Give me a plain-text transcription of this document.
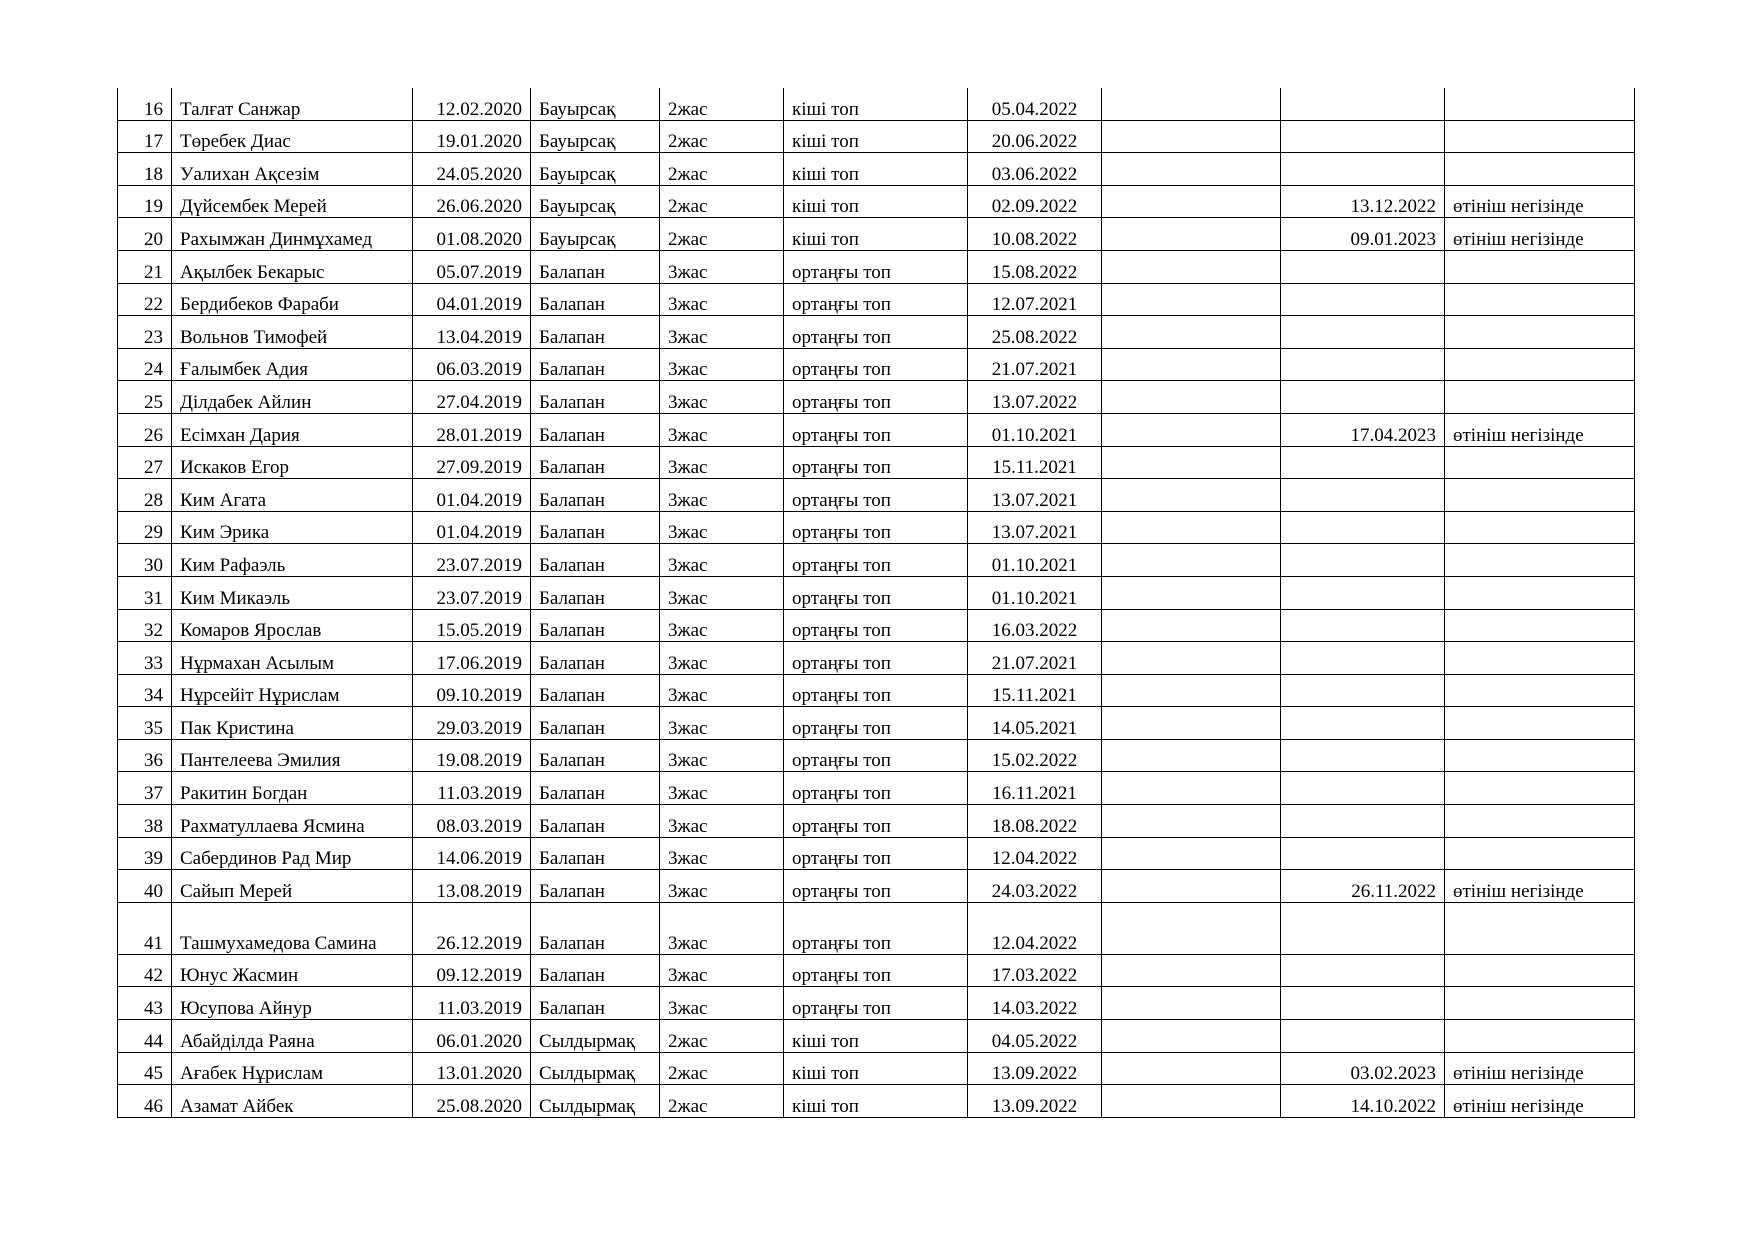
16	Талғат Санжар	12.02.2020	Бауырсақ	2жас	кіші топ	05.04.2022			
17	Төребек Диас	19.01.2020	Бауырсақ	2жас	кіші топ	20.06.2022			
18	Уалихан Ақсезім	24.05.2020	Бауырсақ	2жас	кіші топ	03.06.2022			
19	Дүйсембек Мерей	26.06.2020	Бауырсақ	2жас	кіші топ	02.09.2022		13.12.2022	өтініш негізінде
20	Рахымжан Динмұхамед	01.08.2020	Бауырсақ	2жас	кіші топ	10.08.2022		09.01.2023	өтініш негізінде
21	Ақылбек Бекарыс	05.07.2019	Балапан	3жас	ортаңғы топ	15.08.2022			
22	Бердибеков Фараби	04.01.2019	Балапан	3жас	ортаңғы топ	12.07.2021			
23	Вольнов Тимофей	13.04.2019	Балапан	3жас	ортаңғы топ	25.08.2022			
24	Ғалымбек Адия	06.03.2019	Балапан	3жас	ортаңғы топ	21.07.2021			
25	Ділдабек Айлин	27.04.2019	Балапан	3жас	ортаңғы топ	13.07.2022			
26	Есімхан Дария	28.01.2019	Балапан	3жас	ортаңғы топ	01.10.2021		17.04.2023	өтініш негізінде
27	Искаков Егор	27.09.2019	Балапан	3жас	ортаңғы топ	15.11.2021			
28	Ким Агата	01.04.2019	Балапан	3жас	ортаңғы топ	13.07.2021			
29	Ким Эрика	01.04.2019	Балапан	3жас	ортаңғы топ	13.07.2021			
30	Ким Рафаэль	23.07.2019	Балапан	3жас	ортаңғы топ	01.10.2021			
31	Ким Микаэль	23.07.2019	Балапан	3жас	ортаңғы топ	01.10.2021			
32	Комаров Ярослав	15.05.2019	Балапан	3жас	ортаңғы топ	16.03.2022			
33	Нұрмахан Асылым	17.06.2019	Балапан	3жас	ортаңғы топ	21.07.2021			
34	Нұрсейіт Нұрислам	09.10.2019	Балапан	3жас	ортаңғы топ	15.11.2021			
35	Пак Кристина	29.03.2019	Балапан	3жас	ортаңғы топ	14.05.2021			
36	Пантелеева Эмилия	19.08.2019	Балапан	3жас	ортаңғы топ	15.02.2022			
37	Ракитин Богдан	11.03.2019	Балапан	3жас	ортаңғы топ	16.11.2021			
38	Рахматуллаева Ясмина	08.03.2019	Балапан	3жас	ортаңғы топ	18.08.2022			
39	Сабердинов Рад Мир	14.06.2019	Балапан	3жас	ортаңғы топ	12.04.2022			
40	Сайып Мерей	13.08.2019	Балапан	3жас	ортаңғы топ	24.03.2022		26.11.2022	өтініш негізінде
41	Ташмухамедова Самина	26.12.2019	Балапан	3жас	ортаңғы топ	12.04.2022			
42	Юнус Жасмин	09.12.2019	Балапан	3жас	ортаңғы топ	17.03.2022			
43	Юсупова Айнур	11.03.2019	Балапан	3жас	ортаңғы топ	14.03.2022			
44	Абайділда Раяна	06.01.2020	Сылдырмақ	2жас	кіші топ	04.05.2022			
45	Ағабек Нұрислам	13.01.2020	Сылдырмақ	2жас	кіші топ	13.09.2022		03.02.2023	өтініш негізінде
46	Азамат Айбек	25.08.2020	Сылдырмақ	2жас	кіші топ	13.09.2022		14.10.2022	өтініш негізінде
